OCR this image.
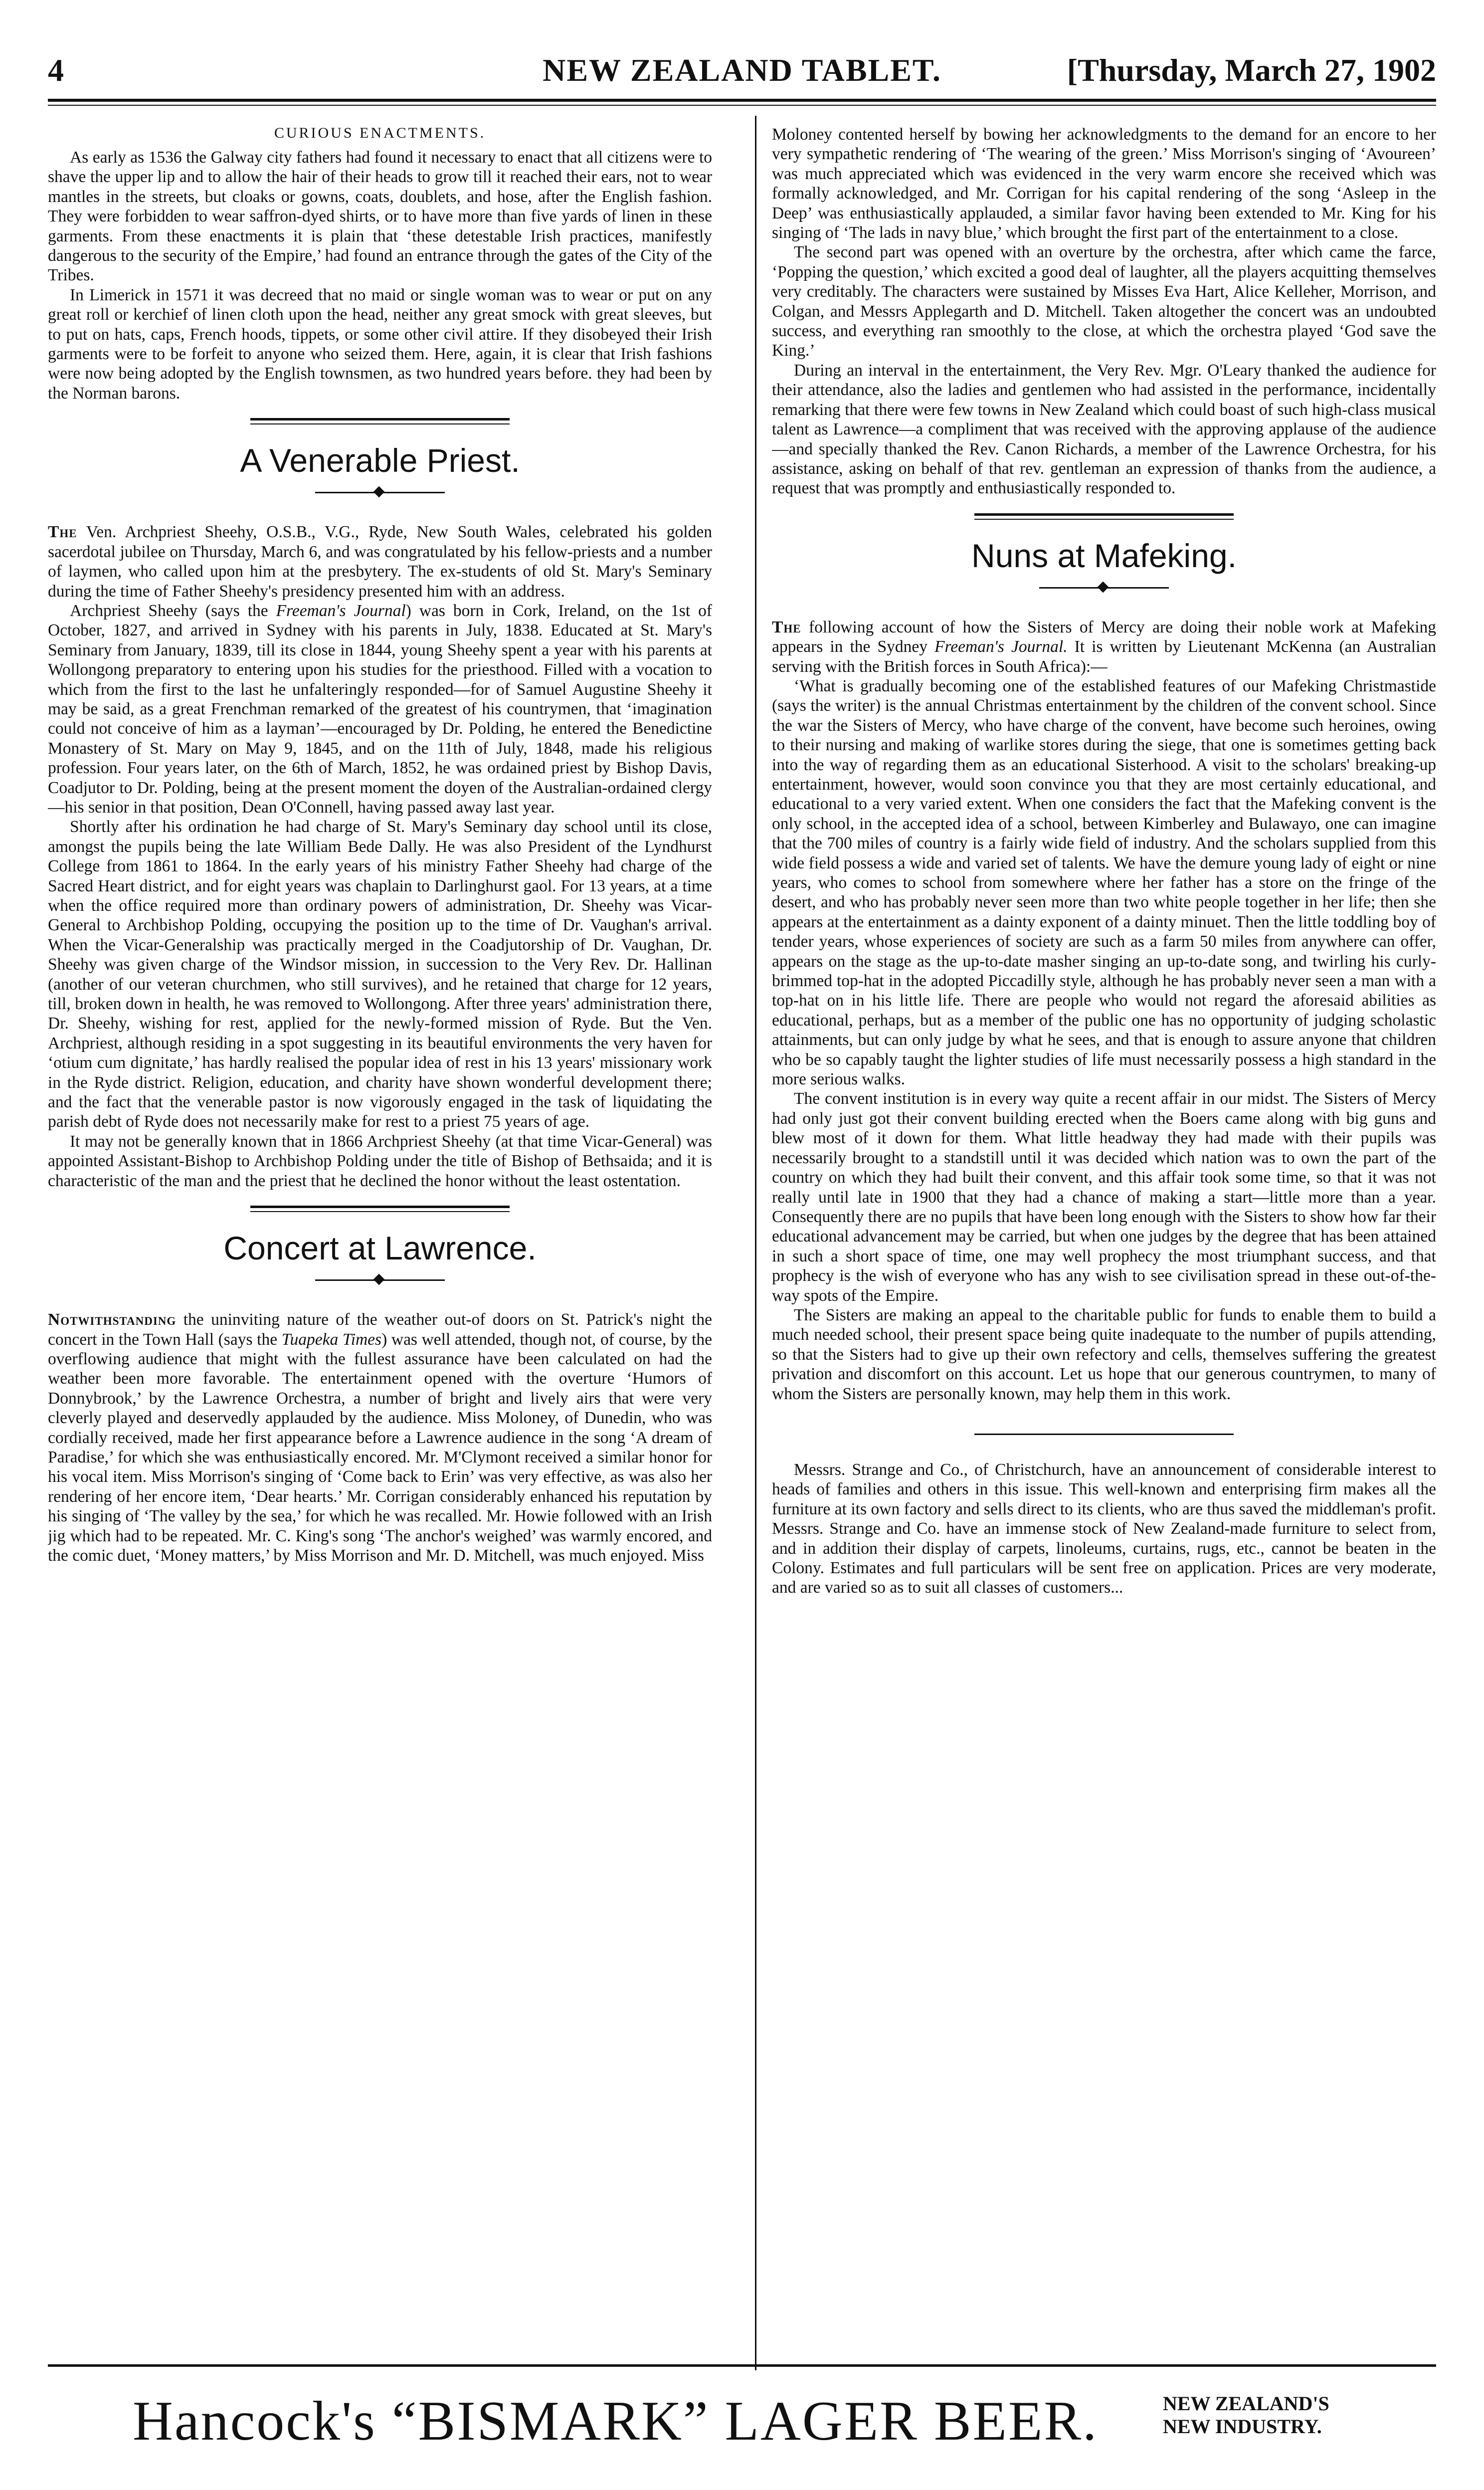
4	NEW ZEALAND TABLET.	[Thursday, March 27, 1902
CURIOUS ENACTMENTS.

As early as 1536 the Galway city fathers had found it necessary to enact that all citizens were to shave the upper lip and to allow the hair of their heads to grow till it reached their ears, not to wear mantles in the streets, but cloaks or gowns, coats, doublets, and hose, after the English fashion. They were forbidden to wear saffron-dyed shirts, or to have more than five yards of linen in these garments. From these enactments it is plain that ‘these detestable Irish practices, manifestly dangerous to the security of the Empire,’ had found an entrance through the gates of the City of the Tribes.

In Limerick in 1571 it was decreed that no maid or single woman was to wear or put on any great roll or kerchief of linen cloth upon the head, neither any great smock with great sleeves, but to put on hats, caps, French hoods, tippets, or some other civil attire. If they disobeyed their Irish garments were to be forfeit to anyone who seized them. Here, again, it is clear that Irish fashions were now being adopted by the English townsmen, as two hundred years before. they had been by the Norman barons.

A Venerable Priest.

The Ven. Archpriest Sheehy, O.S.B., V.G., Ryde, New South Wales, celebrated his golden sacerdotal jubilee on Thursday, March 6, and was congratulated by his fellow-priests and a number of laymen, who called upon him at the presbytery. The ex-students of old St. Mary's Seminary during the time of Father Sheehy's presidency presented him with an address.

Archpriest Sheehy (says the Freeman's Journal) was born in Cork, Ireland, on the 1st of October, 1827, and arrived in Sydney with his parents in July, 1838. Educated at St. Mary's Seminary from January, 1839, till its close in 1844, young Sheehy spent a year with his parents at Wollongong preparatory to entering upon his studies for the priesthood. Filled with a vocation to which from the first to the last he unfalteringly responded—for of Samuel Augustine Sheehy it may be said, as a great Frenchman remarked of the greatest of his countrymen, that ‘imagination could not conceive of him as a layman’—encouraged by Dr. Polding, he entered the Benedictine Monastery of St. Mary on May 9, 1845, and on the 11th of July, 1848, made his religious profession. Four years later, on the 6th of March, 1852, he was ordained priest by Bishop Davis, Coadjutor to Dr. Polding, being at the present moment the doyen of the Australian-ordained clergy—his senior in that position, Dean O'Connell, having passed away last year.

Shortly after his ordination he had charge of St. Mary's Seminary day school until its close, amongst the pupils being the late William Bede Dally. He was also President of the Lyndhurst College from 1861 to 1864. In the early years of his ministry Father Sheehy had charge of the Sacred Heart district, and for eight years was chaplain to Darlinghurst gaol. For 13 years, at a time when the office required more than ordinary powers of administration, Dr. Sheehy was Vicar-General to Archbishop Polding, occupying the position up to the time of Dr. Vaughan's arrival. When the Vicar-Generalship was practically merged in the Coadjutorship of Dr. Vaughan, Dr. Sheehy was given charge of the Windsor mission, in succession to the Very Rev. Dr. Hallinan (another of our veteran churchmen, who still survives), and he retained that charge for 12 years, till, broken down in health, he was removed to Wollongong. After three years' administration there, Dr. Sheehy, wishing for rest, applied for the newly-formed mission of Ryde. But the Ven. Archpriest, although residing in a spot suggesting in its beautiful environments the very haven for ‘otium cum dignitate,’ has hardly realised the popular idea of rest in his 13 years' missionary work in the Ryde district. Religion, education, and charity have shown wonderful development there; and the fact that the venerable pastor is now vigorously engaged in the task of liquidating the parish debt of Ryde does not necessarily make for rest to a priest 75 years of age.

It may not be generally known that in 1866 Archpriest Sheehy (at that time Vicar-General) was appointed Assistant-Bishop to Archbishop Polding under the title of Bishop of Bethsaida; and it is characteristic of the man and the priest that he declined the honor without the least ostentation.

Concert at Lawrence.

Notwithstanding the uninviting nature of the weather out-of doors on St. Patrick's night the concert in the Town Hall (says the Tuapeka Times) was well attended, though not, of course, by the overflowing audience that might with the fullest assurance have been calculated on had the weather been more favorable. The entertainment opened with the overture ‘Humors of Donnybrook,’ by the Lawrence Orchestra, a number of bright and lively airs that were very cleverly played and deservedly applauded by the audience. Miss Moloney, of Dunedin, who was cordially received, made her first appearance before a Lawrence audience in the song ‘A dream of Paradise,’ for which she was enthusiastically encored. Mr. M'Clymont received a similar honor for his vocal item. Miss Morrison's singing of ‘Come back to Erin’ was very effective, as was also her rendering of her encore item, ‘Dear hearts.’ Mr. Corrigan considerably enhanced his reputation by his singing of ‘The valley by the sea,’ for which he was recalled. Mr. Howie followed with an Irish jig which had to be repeated. Mr. C. King's song ‘The anchor's weighed’ was warmly encored, and the comic duet, ‘Money matters,’ by Miss Morrison and Mr. D. Mitchell, was much enjoyed. Miss

Moloney contented herself by bowing her acknowledgments to the demand for an encore to her very sympathetic rendering of ‘The wearing of the green.’ Miss Morrison's singing of ‘Avoureen’ was much appreciated which was evidenced in the very warm encore she received which was formally acknowledged, and Mr. Corrigan for his capital rendering of the song ‘Asleep in the Deep’ was enthusiastically applauded, a similar favor having been extended to Mr. King for his singing of ‘The lads in navy blue,’ which brought the first part of the entertainment to a close.

The second part was opened with an overture by the orchestra, after which came the farce, ‘Popping the question,’ which excited a good deal of laughter, all the players acquitting themselves very creditably. The characters were sustained by Misses Eva Hart, Alice Kelleher, Morrison, and Colgan, and Messrs Applegarth and D. Mitchell. Taken altogether the concert was an undoubted success, and everything ran smoothly to the close, at which the orchestra played ‘God save the King.’

During an interval in the entertainment, the Very Rev. Mgr. O'Leary thanked the audience for their attendance, also the ladies and gentlemen who had assisted in the performance, incidentally remarking that there were few towns in New Zealand which could boast of such high-class musical talent as Lawrence—a compliment that was received with the approving applause of the audience—and specially thanked the Rev. Canon Richards, a member of the Lawrence Orchestra, for his assistance, asking on behalf of that rev. gentleman an expression of thanks from the audience, a request that was promptly and enthusiastically responded to.

Nuns at Mafeking.

The following account of how the Sisters of Mercy are doing their noble work at Mafeking appears in the Sydney Freeman's Journal. It is written by Lieutenant McKenna (an Australian serving with the British forces in South Africa):—

‘What is gradually becoming one of the established features of our Mafeking Christmastide (says the writer) is the annual Christmas entertainment by the children of the convent school. Since the war the Sisters of Mercy, who have charge of the convent, have become such heroines, owing to their nursing and making of warlike stores during the siege, that one is sometimes getting back into the way of regarding them as an educational Sisterhood. A visit to the scholars' breaking-up entertainment, however, would soon convince you that they are most certainly educational, and educational to a very varied extent. When one considers the fact that the Mafeking convent is the only school, in the accepted idea of a school, between Kimberley and Bulawayo, one can imagine that the 700 miles of country is a fairly wide field of industry. And the scholars supplied from this wide field possess a wide and varied set of talents. We have the demure young lady of eight or nine years, who comes to school from somewhere where her father has a store on the fringe of the desert, and who has probably never seen more than two white people together in her life; then she appears at the entertainment as a dainty exponent of a dainty minuet. Then the little toddling boy of tender years, whose experiences of society are such as a farm 50 miles from anywhere can offer, appears on the stage as the up-to-date masher singing an up-to-date song, and twirling his curly-brimmed top-hat in the adopted Piccadilly style, although he has probably never seen a man with a top-hat on in his little life. There are people who would not regard the aforesaid abilities as educational, perhaps, but as a member of the public one has no opportunity of judging scholastic attainments, but can only judge by what he sees, and that is enough to assure anyone that children who be so capably taught the lighter studies of life must necessarily possess a high standard in the more serious walks.

The convent institution is in every way quite a recent affair in our midst. The Sisters of Mercy had only just got their convent building erected when the Boers came along with big guns and blew most of it down for them. What little headway they had made with their pupils was necessarily brought to a standstill until it was decided which nation was to own the part of the country on which they had built their convent, and this affair took some time, so that it was not really until late in 1900 that they had a chance of making a start—little more than a year. Consequently there are no pupils that have been long enough with the Sisters to show how far their educational advancement may be carried, but when one judges by the degree that has been attained in such a short space of time, one may well prophecy the most triumphant success, and that prophecy is the wish of everyone who has any wish to see civilisation spread in these out-of-the-way spots of the Empire.

The Sisters are making an appeal to the charitable public for funds to enable them to build a much needed school, their present space being quite inadequate to the number of pupils attending, so that the Sisters had to give up their own refectory and cells, themselves suffering the greatest privation and discomfort on this account. Let us hope that our generous countrymen, to many of whom the Sisters are personally known, may help them in this work.

Messrs. Strange and Co., of Christchurch, have an announcement of considerable interest to heads of families and others in this issue. This well-known and enterprising firm makes all the furniture at its own factory and sells direct to its clients, who are thus saved the middleman's profit. Messrs. Strange and Co. have an immense stock of New Zealand-made furniture to select from, and in addition their display of carpets, linoleums, curtains, rugs, etc., cannot be beaten in the Colony. Estimates and full particulars will be sent free on application. Prices are very moderate, and are varied so as to suit all classes of customers...

Hancock's “BISMARK” LAGER BEER.	NEW ZEALAND'S
NEW INDUSTRY.
